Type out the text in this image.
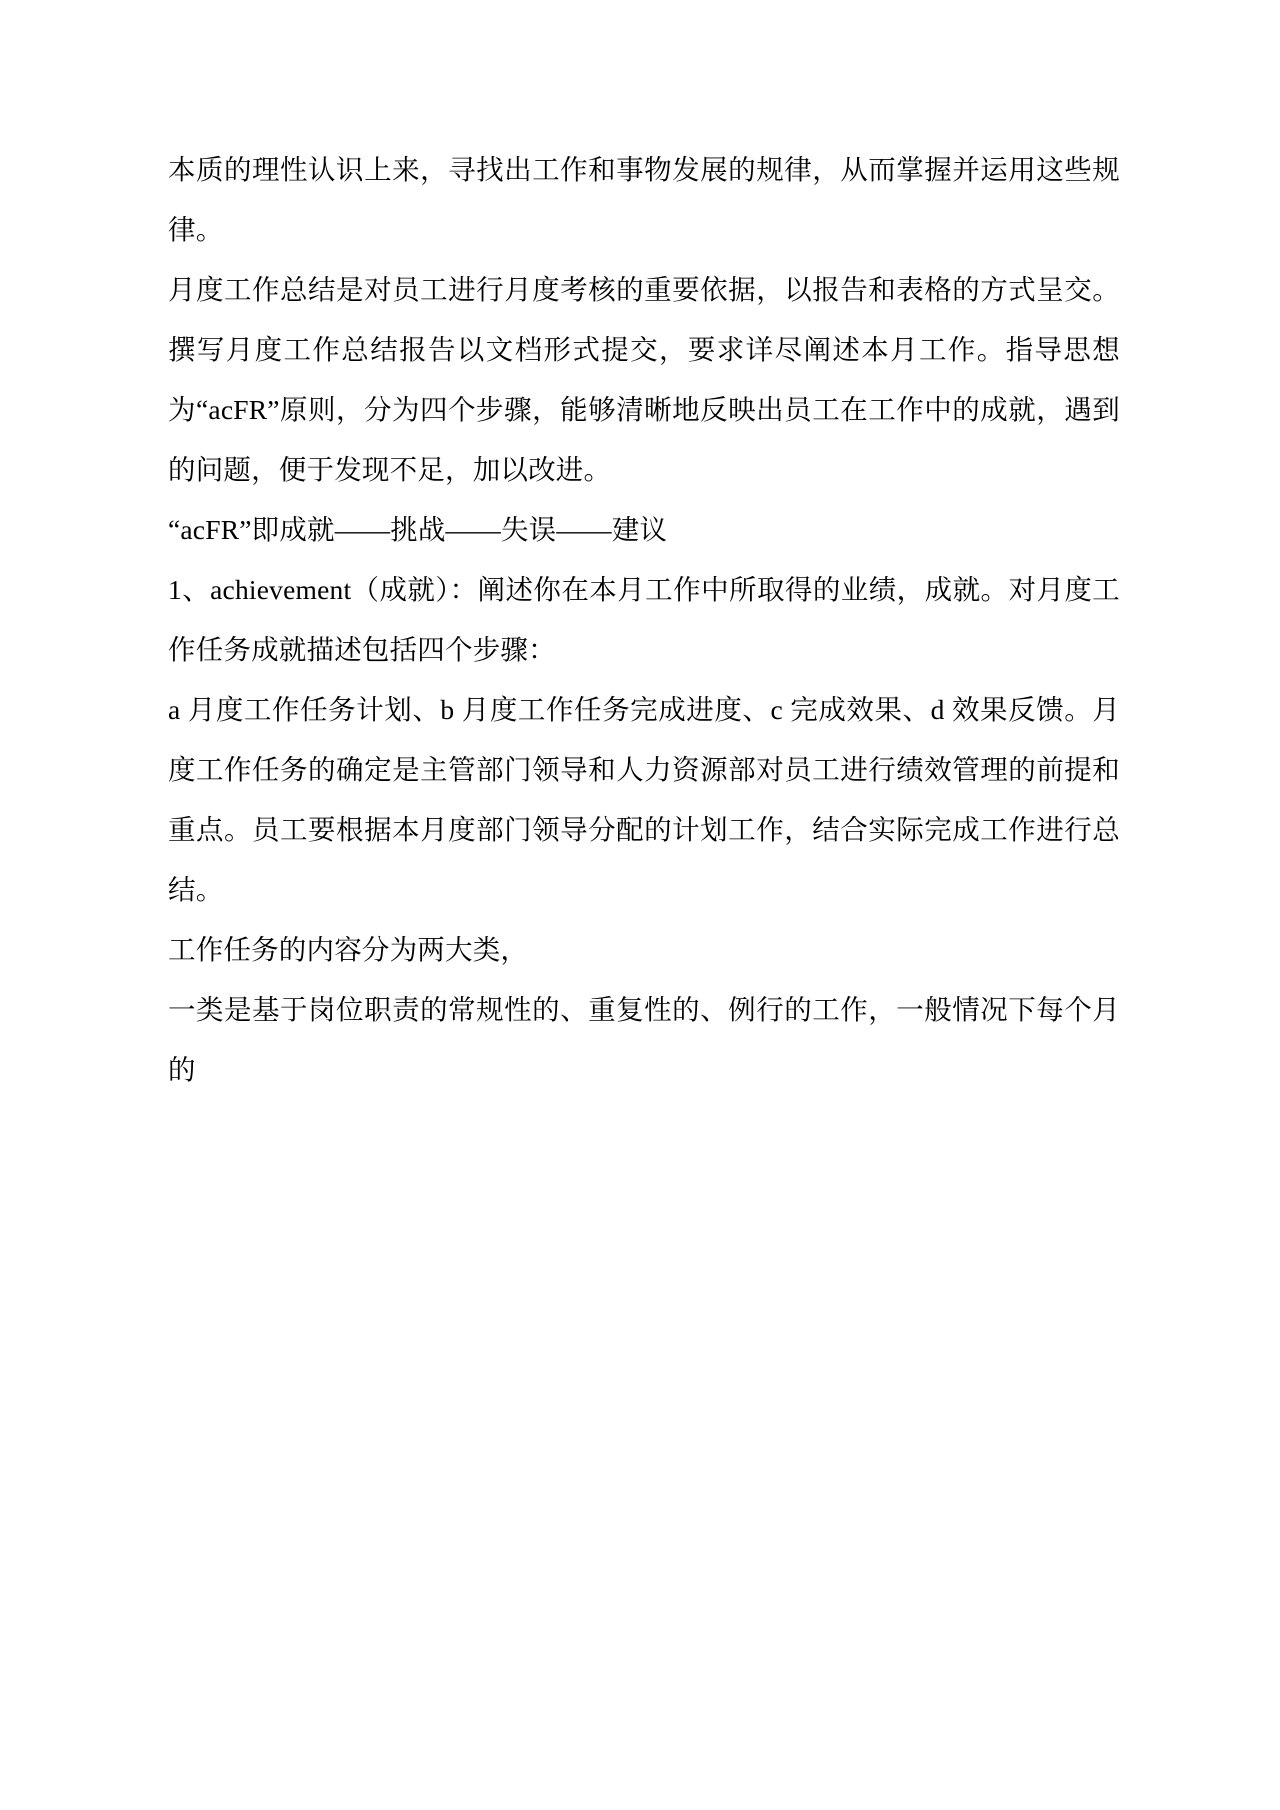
本质的理性认识上来，寻找出工作和事物发展的规律，从而掌握并运用这些规律。

月度工作总结是对员工进行月度考核的重要依据，以报告和表格的方式呈交。撰写月度工作总结报告以文档形式提交，要求详尽阐述本月工作。指导思想为“acFR”原则，分为四个步骤，能够清晰地反映出员工在工作中的成就，遇到的问题，便于发现不足，加以改进。

“acFR”即成就——挑战——失误——建议

1、achievement（成就）：阐述你在本月工作中所取得的业绩，成就。对月度工作任务成就描述包括四个步骤：

a 月度工作任务计划、b 月度工作任务完成进度、c 完成效果、d 效果反馈。月度工作任务的确定是主管部门领导和人力资源部对员工进行绩效管理的前提和重点。员工要根据本月度部门领导分配的计划工作，结合实际完成工作进行总结。

工作任务的内容分为两大类，

一类是基于岗位职责的常规性的、重复性的、例行的工作，一般情况下每个月的
